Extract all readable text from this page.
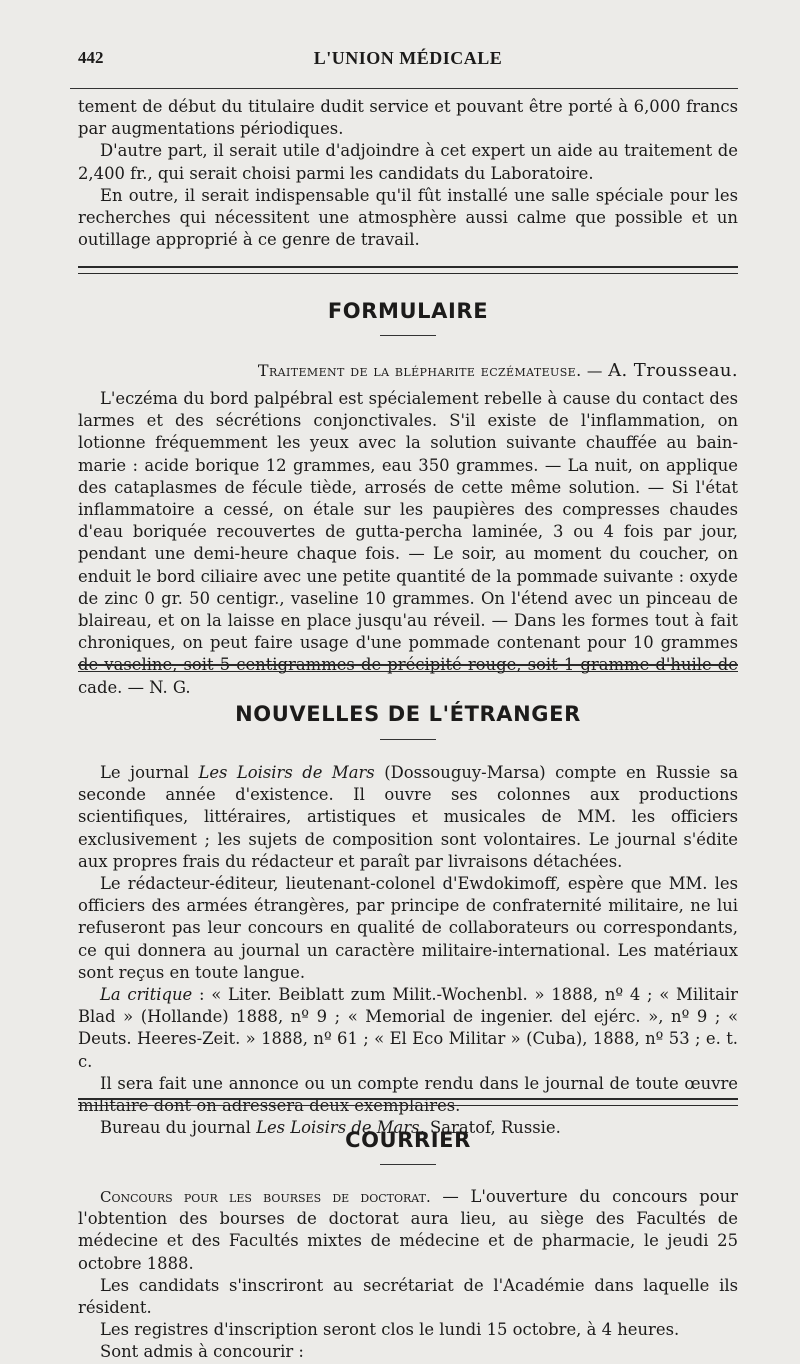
442	L'UNION MÉDICALE

tement de début du titulaire dudit service et pouvant être porté à 6,000 francs par augmentations périodiques.

D'autre part, il serait utile d'adjoindre à cet expert un aide au traitement de 2,400 fr., qui serait choisi parmi les candidats du Laboratoire.

En outre, il serait indispensable qu'il fût installé une salle spéciale pour les recherches qui nécessitent une atmosphère aussi calme que possible et un outillage approprié à ce genre de travail.

FORMULAIRE
Traitement de la blépharite eczémateuse. — A. Trousseau.

L'eczéma du bord palpébral est spécialement rebelle à cause du contact des larmes et des sécrétions conjonctivales. S'il existe de l'inflammation, on lotionne fréquemment les yeux avec la solution suivante chauffée au bain-marie : acide borique 12 grammes, eau 350 grammes. — La nuit, on applique des cataplasmes de fécule tiède, arrosés de cette même solution. — Si l'état inflammatoire a cessé, on étale sur les paupières des compresses chaudes d'eau boriquée recouvertes de gutta-percha laminée, 3 ou 4 fois par jour, pendant une demi-heure chaque fois. — Le soir, au moment du coucher, on enduit le bord ciliaire avec une petite quantité de la pommade suivante : oxyde de zinc 0 gr. 50 centigr., vaseline 10 grammes. On l'étend avec un pinceau de blaireau, et on la laisse en place jusqu'au réveil. — Dans les formes tout à fait chroniques, on peut faire usage d'une pommade contenant pour 10 grammes de vaseline, soit 5 centigrammes de précipité rouge, soit 1 gramme d'huile de cade. — N. G.

NOUVELLES DE L'ÉTRANGER

Le journal Les Loisirs de Mars (Dossouguy-Marsa) compte en Russie sa seconde année d'existence. Il ouvre ses colonnes aux productions scientifiques, littéraires, artistiques et musicales de MM. les officiers exclusivement ; les sujets de composition sont volontaires. Le journal s'édite aux propres frais du rédacteur et paraît par livraisons détachées.

Le rédacteur-éditeur, lieutenant-colonel d'Ewdokimoff, espère que MM. les officiers des armées étrangères, par principe de confraternité militaire, ne lui refuseront pas leur concours en qualité de collaborateurs ou correspondants, ce qui donnera au journal un caractère militaire-international. Les matériaux sont reçus en toute langue.

La critique : « Liter. Beiblatt zum Milit.-Wochenbl. » 1888, nº 4 ; « Militair Blad » (Hollande) 1888, nº 9 ; « Memorial de ingenier. del ejérc. », nº 9 ; « Deuts. Heeres-Zeit. » 1888, nº 61 ; « El Eco Militar » (Cuba), 1888, nº 53 ; e. t. c.

Il sera fait une annonce ou un compte rendu dans le journal de toute œuvre militaire dont on adressera deux exemplaires.

Bureau du journal Les Loisirs de Mars, Saratof, Russie.

COURRIER

Concours pour les bourses de doctorat. — L'ouverture du concours pour l'obtention des bourses de doctorat aura lieu, au siège des Facultés de médecine et des Facultés mixtes de médecine et de pharmacie, le jeudi 25 octobre 1888.

Les candidats s'inscriront au secrétariat de l'Académie dans laquelle ils résident.

Les registres d'inscription seront clos le lundi 15 octobre, à 4 heures.

Sont admis à concourir :
